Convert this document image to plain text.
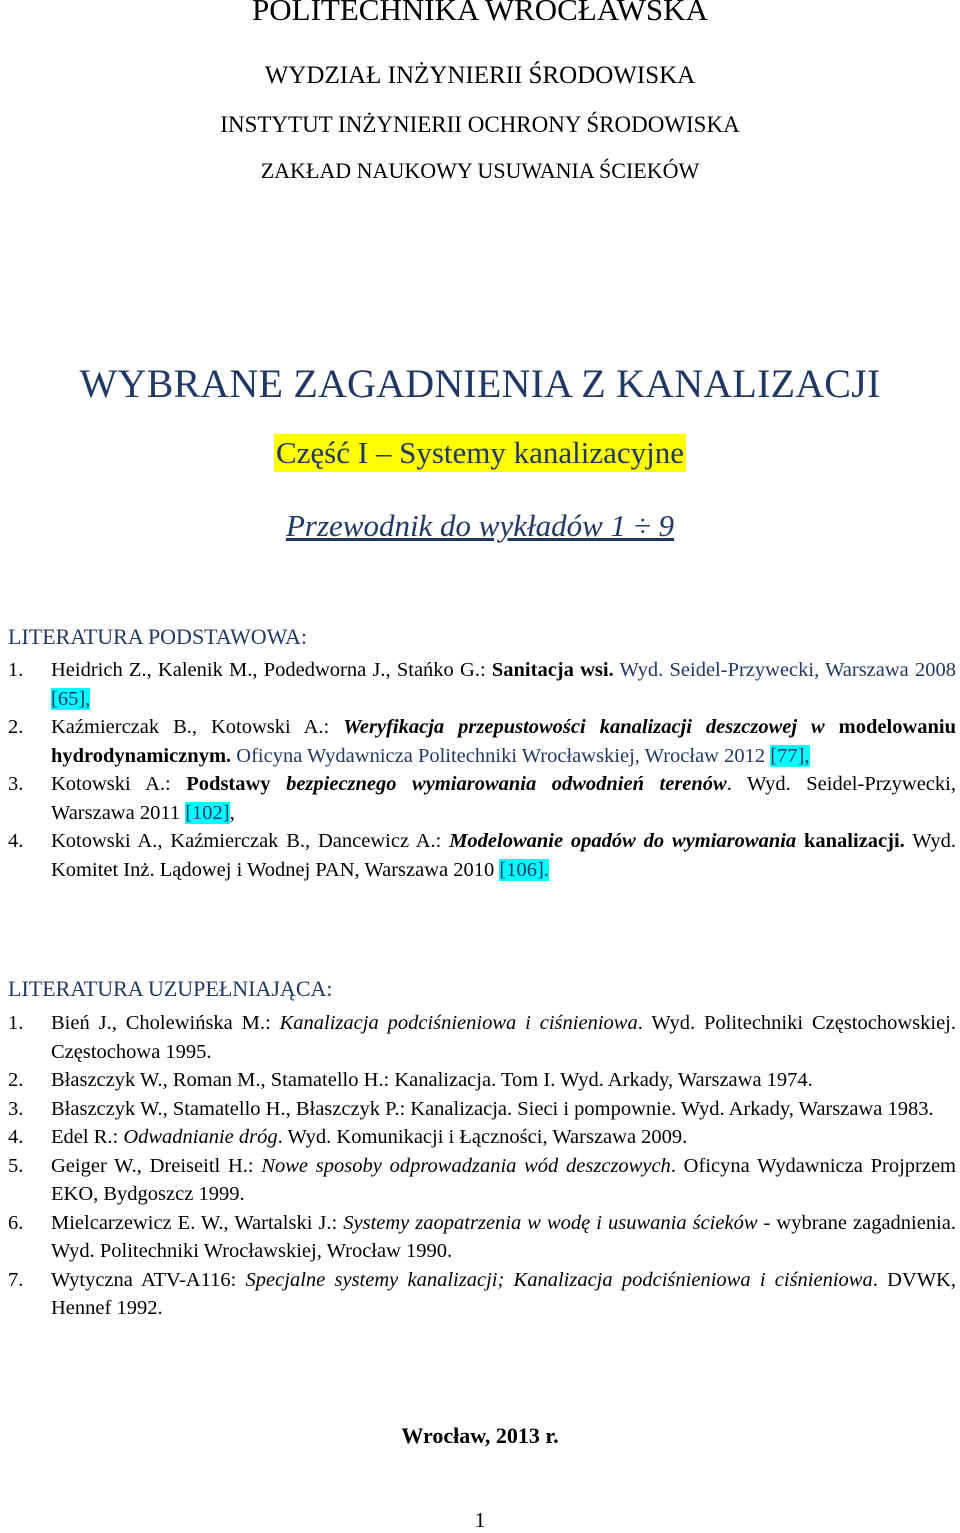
POLITECHNIKA WROCŁAWSKA
WYDZIAŁ INŻYNIERII ŚRODOWISKA
INSTYTUT INŻYNIERII OCHRONY ŚRODOWISKA
ZAKŁAD NAUKOWY USUWANIA ŚCIEKÓW
WYBRANE ZAGADNIENIA Z KANALIZACJI
Część I – Systemy kanalizacyjne
Przewodnik do wykładów 1 ÷ 9
LITERATURA PODSTAWOWA:
1.	Heidrich Z., Kalenik M., Podedworna J., Stańko G.: Sanitacja wsi. Wyd. Seidel-Przywecki, Warszawa 2008 [65],
2.	Kaźmierczak B., Kotowski A.: Weryfikacja przepustowości kanalizacji deszczowej w modelowaniu hydrodynamicznym. Oficyna Wydawnicza Politechniki Wrocławskiej, Wrocław 2012 [77],
3.	Kotowski A.: Podstawy bezpiecznego wymiarowania odwodnień terenów. Wyd. Seidel-Przywecki, Warszawa 2011 [102],
4.	Kotowski A., Kaźmierczak B., Dancewicz A.: Modelowanie opadów do wymiarowania kanalizacji. Wyd. Komitet Inż. Lądowej i Wodnej PAN, Warszawa 2010 [106].
LITERATURA UZUPEŁNIAJĄCA:
1.	Bień J., Cholewińska M.: Kanalizacja podciśnieniowa i ciśnieniowa. Wyd. Politechniki Częstochowskiej. Częstochowa 1995.
2.	Błaszczyk W., Roman M., Stamatello H.: Kanalizacja. Tom I. Wyd. Arkady, Warszawa 1974.
3.	Błaszczyk W., Stamatello H., Błaszczyk P.: Kanalizacja. Sieci i pompownie. Wyd. Arkady, Warszawa 1983.
4.	Edel R.: Odwadnianie dróg. Wyd. Komunikacji i Łączności, Warszawa 2009.
5.	Geiger W., Dreiseitl H.: Nowe sposoby odprowadzania wód deszczowych. Oficyna Wydawnicza Projprzem EKO, Bydgoszcz 1999.
6.	Mielcarzewicz E. W., Wartalski J.: Systemy zaopatrzenia w wodę i usuwania ścieków - wybrane zagadnienia. Wyd. Politechniki Wrocławskiej, Wrocław 1990.
7.	Wytyczna ATV-A116: Specjalne systemy kanalizacji; Kanalizacja podciśnieniowa i ciśnieniowa. DVWK, Hennef 1992.
Wrocław, 2013 r.
1
